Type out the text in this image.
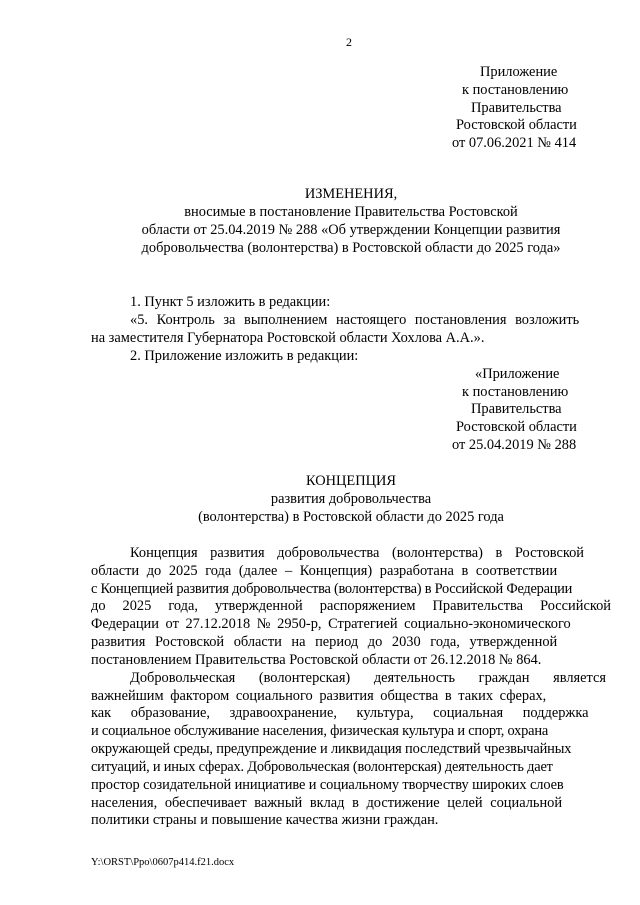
2
Приложение
к постановлению
Правительства
Ростовской области
от 07.06.2021 № 414
ИЗМЕНЕНИЯ,
вносимые в постановление Правительства Ростовской
области от 25.04.2019 № 288 «Об утверждении Концепции развития
добровольчества (волонтерства) в Ростовской области до 2025 года»
1. Пункт 5 изложить в редакции:
«5. Контроль за выполнением настоящего постановления возложить
на заместителя Губернатора Ростовской области Хохлова А.А.».
2. Приложение изложить в редакции:
«Приложение
к постановлению
Правительства
Ростовской области
от 25.04.2019 № 288
КОНЦЕПЦИЯ
развития добровольчества
(волонтерства) в Ростовской области до 2025 года
Концепция развития добровольчества (волонтерства) в Ростовской
области до 2025 года (далее – Концепция) разработана в соответствии
с Концепцией развития добровольчества (волонтерства) в Российской Федерации
до 2025 года, утвержденной распоряжением Правительства Российской
Федерации от 27.12.2018 № 2950-р, Стратегией социально-экономического
развития Ростовской области на период до 2030 года, утвержденной
постановлением Правительства Ростовской области от 26.12.2018 № 864.
Добровольческая (волонтерская) деятельность граждан является
важнейшим фактором социального развития общества в таких сферах,
как образование, здравоохранение, культура, социальная поддержка
и социальное обслуживание населения, физическая культура и спорт, охрана
окружающей среды, предупреждение и ликвидация последствий чрезвычайных
ситуаций, и иных сферах. Добровольческая (волонтерская) деятельность дает
простор созидательной инициативе и социальному творчеству широких слоев
населения, обеспечивает важный вклад в достижение целей социальной
политики страны и повышение качества жизни граждан.
Y:\ORST\Ppo\0607p414.f21.docx
